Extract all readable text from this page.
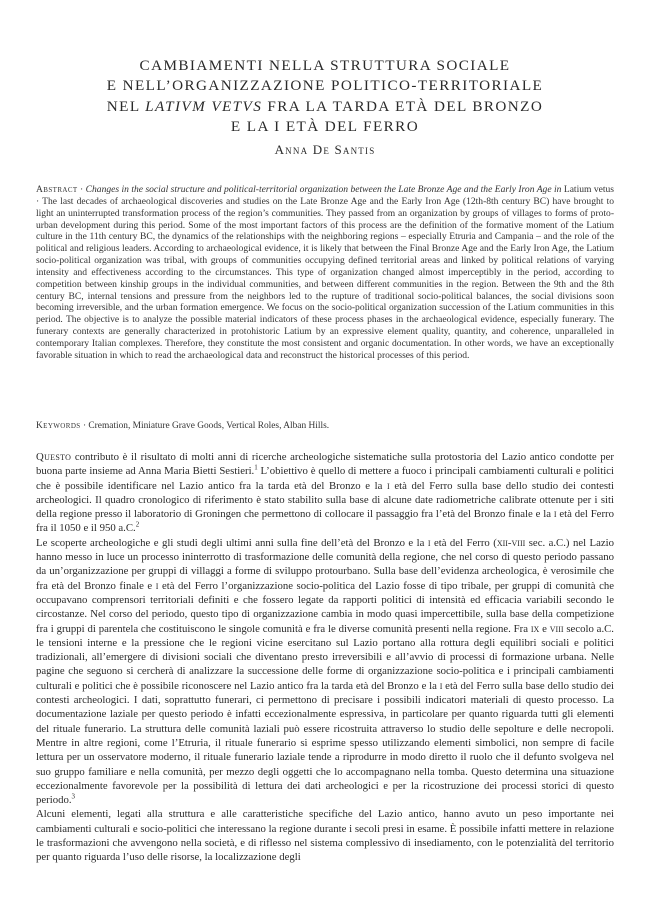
CAMBIAMENTI NELLA STRUTTURA SOCIALE
E NELL’ORGANIZZAZIONE POLITICO-TERRITORIALE
NEL LATIVM VETVS FRA LA TARDA ETÀ DEL BRONZO
E LA I ETÀ DEL FERRO
Anna De Santis
Abstract · Changes in the social structure and political-territorial organization between the Late Bronze Age and the Early Iron Age in Latium vetus · The last decades of archaeological discoveries and studies on the Late Bronze Age and the Early Iron Age (12th-8th century BC) have brought to light an uninterrupted transformation process of the region’s communities. They passed from an organization by groups of villages to forms of proto-urban development during this period. Some of the most important factors of this process are the definition of the formative moment of the Latium culture in the 11th century BC, the dynamics of the relationships with the neighboring regions – especially Etruria and Campania – and the role of the political and religious leaders. According to archaeological evidence, it is likely that between the Final Bronze Age and the Early Iron Age, the Latium socio-political organization was tribal, with groups of communities occupying defined territorial areas and linked by political relations of varying intensity and effectiveness according to the circumstances. This type of organization changed almost imperceptibly in the period, according to competition between kinship groups in the individual communities, and between different communities in the region. Between the 9th and the 8th century BC, internal tensions and pressure from the neighbors led to the rupture of traditional socio-political balances, the social divisions soon becoming irreversible, and the urban formation emergence. We focus on the socio-political organization succession of the Latium communities in this period. The objective is to analyze the possible material indicators of these process phases in the archaeological evidence, especially funerary. The funerary contexts are generally characterized in protohistoric Latium by an expressive element quality, quantity, and coherence, unparalleled in contemporary Italian complexes. Therefore, they constitute the most consistent and organic documentation. In other words, we have an exceptionally favorable situation in which to read the archaeological data and reconstruct the historical processes of this period.
Keywords · Cremation, Miniature Grave Goods, Vertical Roles, Alban Hills.

Questo contributo è il risultato di molti anni di ricerche archeologiche sistematiche sulla protostoria del Lazio antico condotte per buona parte insieme ad Anna Maria Bietti Sestieri.$^1$ L’obiettivo è quello di mettere a fuoco i principali cambiamenti culturali e politici che è possibile identificare nel Lazio antico fra la tarda età del Bronzo e la i età del Ferro sulla base dello studio dei contesti archeologici. Il quadro cronologico di riferimento è stato stabilito sulla base di alcune date radiometriche calibrate ottenute per i siti della regione presso il laboratorio di Groningen che permettono di collocare il passaggio fra l’età del Bronzo finale e la i età del Ferro fra il 1050 e il 950 a.C.$^2$

Le scoperte archeologiche e gli studi degli ultimi anni sulla fine dell’età del Bronzo e la i età del Ferro (xii-viii sec. a.C.) nel Lazio hanno messo in luce un processo ininterrotto di trasformazione delle comunità della regione, che nel corso di questo periodo passano da un’organizzazione per gruppi di villaggi a forme di sviluppo protourbano. Sulla base dell’evidenza archeologica, è verosimile che fra età del Bronzo finale e i età del Ferro l’organizzazione socio-politica del Lazio fosse di tipo tribale, per gruppi di comunità che occupavano comprensori territoriali definiti e che fossero legate da rapporti politici di intensità ed efficacia variabili secondo le circostanze. Nel corso del periodo, questo tipo di organizzazione cambia in modo quasi impercettibile, sulla base della competizione fra i gruppi di parentela che costituiscono le singole comunità e fra le diverse comunità presenti nella regione. Fra ix e viii secolo a.C. le tensioni interne e la pressione che le regioni vicine esercitano sul Lazio portano alla rottura degli equilibri sociali e politici tradizionali, all’emergere di divisioni sociali che diventano presto irreversibili e all’avvio di processi di formazione urbana. Nelle pagine che seguono si cercherà di analizzare la successione delle forme di organizzazione socio-politica e i principali cambiamenti culturali e politici che è possibile riconoscere nel Lazio antico fra la tarda età del Bronzo e la i età del Ferro sulla base dello studio dei contesti archeologici. I dati, soprattutto funerari, ci permettono di precisare i possibili indicatori materiali di questo processo. La documentazione laziale per questo periodo è infatti eccezionalmente espressiva, in particolare per quanto riguarda tutti gli elementi del rituale funerario. La struttura delle comunità laziali può essere ricostruita attraverso lo studio delle sepolture e delle necropoli. Mentre in altre regioni, come l’Etruria, il rituale funerario si esprime spesso utilizzando elementi simbolici, non sempre di facile lettura per un osservatore moderno, il rituale funerario laziale tende a riprodurre in modo diretto il ruolo che il defunto svolgeva nel suo gruppo familiare e nella comunità, per mezzo degli oggetti che lo accompagnano nella tomba. Questo determina una situazione eccezionalmente favorevole per la possibilità di lettura dei dati archeologici e per la ricostruzione dei processi storici di questo periodo.$^3$

Alcuni elementi, legati alla struttura e alle caratteristiche specifiche del Lazio antico, hanno avuto un peso importante nei cambiamenti culturali e socio-politici che interessano la regione durante i secoli presi in esame. È possibile infatti mettere in relazione le trasformazioni che avvengono nella società, e di riflesso nel sistema complessivo di insediamento, con le potenzialità del territorio per quanto riguarda l’uso delle risorse, la localizzazione degli
